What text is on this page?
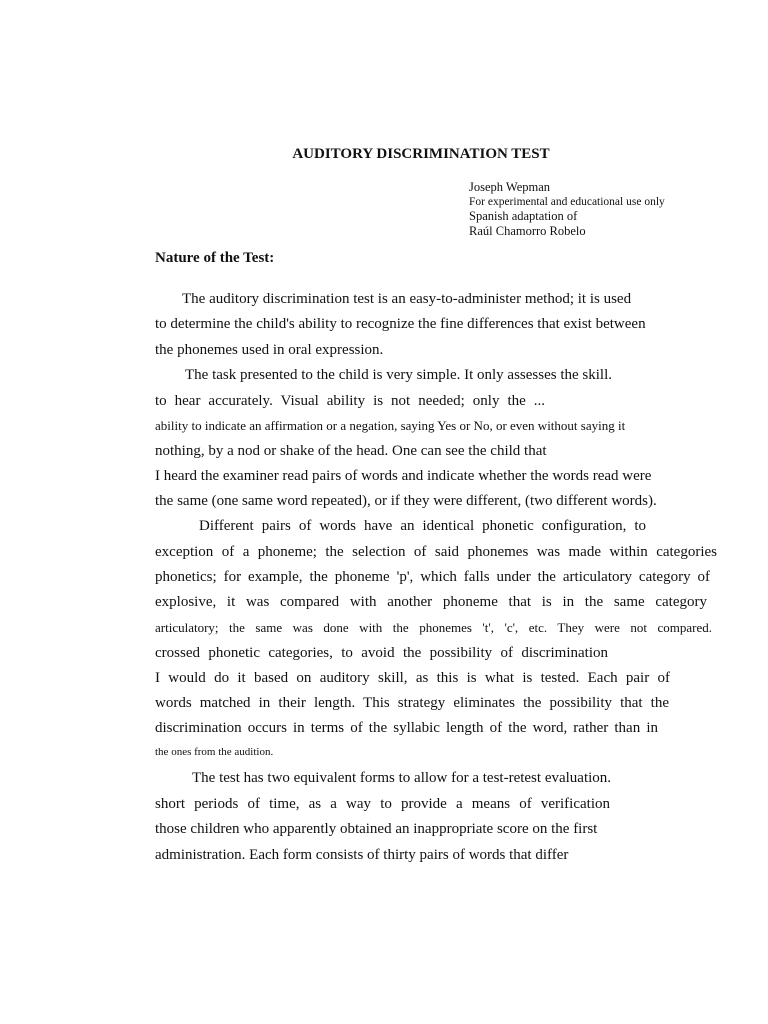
AUDITORY DISCRIMINATION TEST
Joseph Wepman
For experimental and educational use only
Spanish adaptation of
Raúl Chamorro Robelo
Nature of the Test:
The auditory discrimination test is an easy-to-administer method; it is used
to determine the child's ability to recognize the fine differences that exist between
the phonemes used in oral expression.
The task presented to the child is very simple. It only assesses the skill.
to hear accurately. Visual ability is not needed; only the ...
ability to indicate an affirmation or a negation, saying Yes or No, or even without saying it
nothing, by a nod or shake of the head. One can see the child that
I heard the examiner read pairs of words and indicate whether the words read were
the same (one same word repeated), or if they were different, (two different words).
Different pairs of words have an identical phonetic configuration, to
exception of a phoneme; the selection of said phonemes was made within categories
phonetics; for example, the phoneme 'p', which falls under the articulatory category of
explosive, it was compared with another phoneme that is in the same category
articulatory; the same was done with the phonemes 't', 'c', etc. They were not compared.
crossed phonetic categories, to avoid the possibility of discrimination
I would do it based on auditory skill, as this is what is tested. Each pair of
words matched in their length. This strategy eliminates the possibility that the
discrimination occurs in terms of the syllabic length of the word, rather than in
the ones from the audition.
The test has two equivalent forms to allow for a test-retest evaluation.
short periods of time, as a way to provide a means of verification
those children who apparently obtained an inappropriate score on the first
administration. Each form consists of thirty pairs of words that differ
